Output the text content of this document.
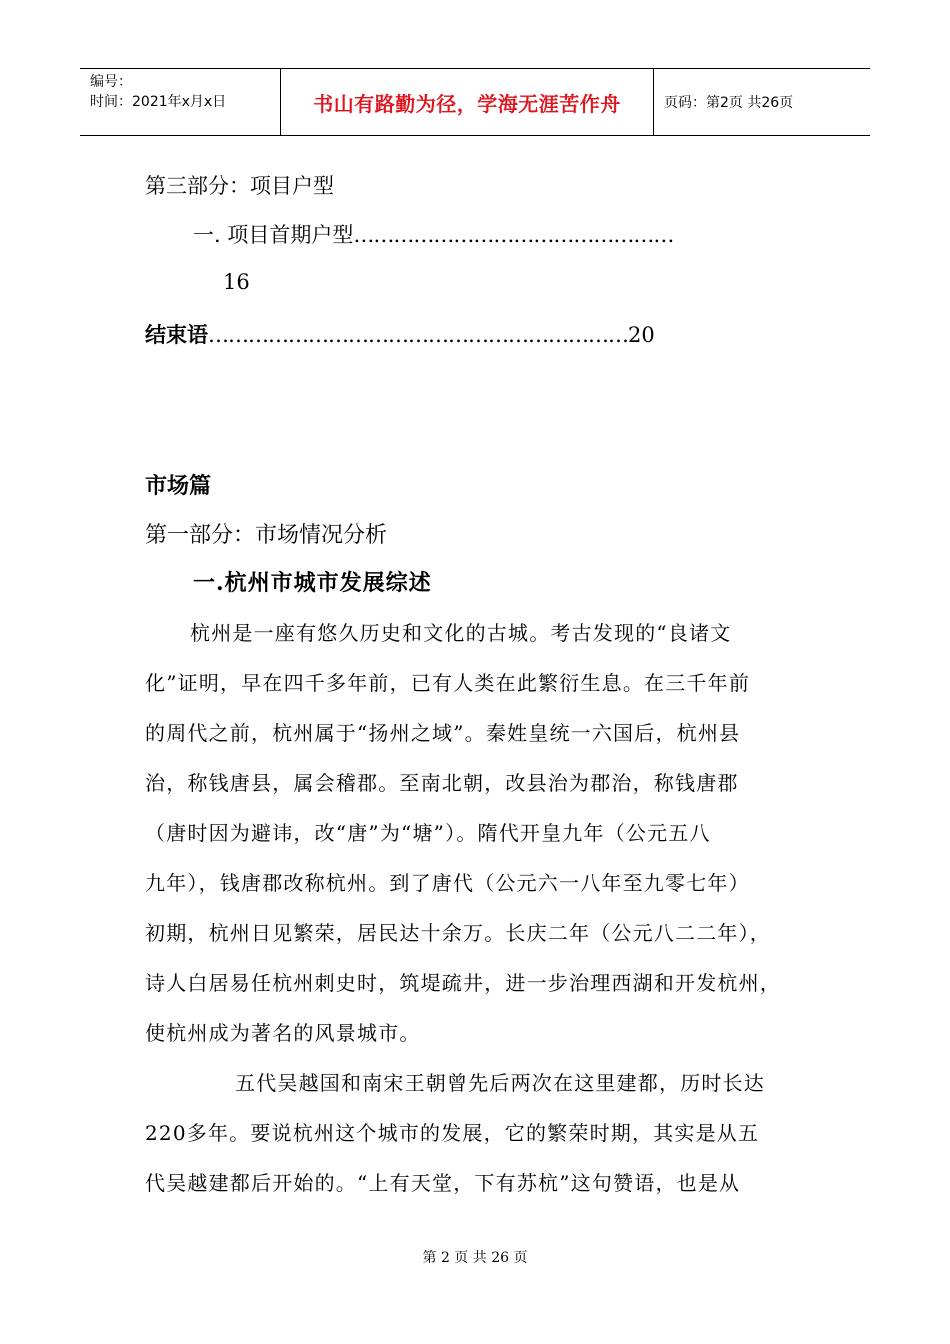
编号：
时间：2021年x月x日	书山有路勤为径，学海无涯苦作舟	页码：第2页 共26页
第三部分：项目户型
一. 项目首期户型…………………………………………
16
结束语………………………………………………………20
市场篇
第一部分：市场情况分析
一.杭州市城市发展综述

杭州是一座有悠久历史和文化的古城。考古发现的“良诸文

化”证明，早在四千多年前，已有人类在此繁衍生息。在三千年前

的周代之前，杭州属于“扬州之域”。秦姓皇统一六国后，杭州县

治，称钱唐县，属会稽郡。至南北朝，改县治为郡治，称钱唐郡

（唐时因为避讳，改“唐”为“塘”）。隋代开皇九年（公元五八

九年），钱唐郡改称杭州。到了唐代（公元六一八年至九零七年）

初期，杭州日见繁荣，居民达十余万。长庆二年（公元八二二年），

诗人白居易任杭州刺史时，筑堤疏井，进一步治理西湖和开发杭州，

使杭州成为著名的风景城市。

五代吴越国和南宋王朝曾先后两次在这里建都，历时长达

220多年。要说杭州这个城市的发展，它的繁荣时期，其实是从五

代吴越建都后开始的。“上有天堂，下有苏杭”这句赞语，也是从

第 2 页 共 26 页
